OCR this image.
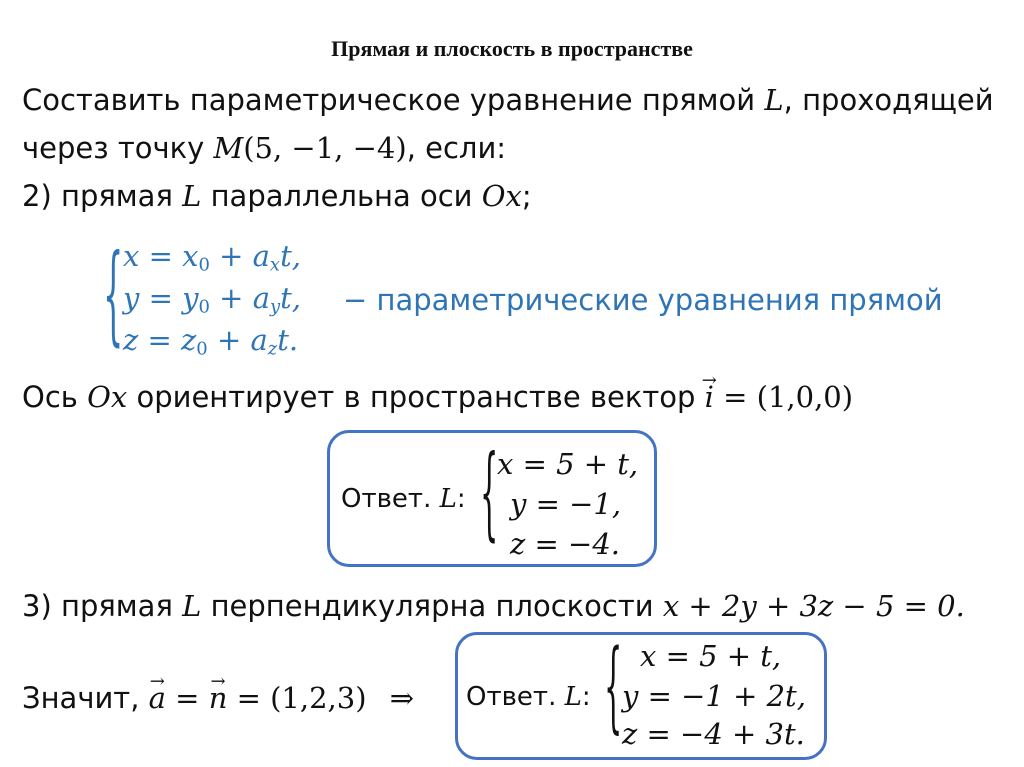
Прямая и плоскость в пространстве
Составить параметрическое уравнение прямой L, проходящей
через точку M(5, −1, −4), если:
2) прямая L параллельна оси Ox;
{ $x = x_0 + a_xt$,
$y = y_0 + a_yt$,
$z = z_0 + a_zt$.
− параметрические уравнения прямой
Ось Ox ориентирует в пространстве вектор → i = (1,0,0)
Ответ. L: {
x = 5 + t,
y = −1,
z = −4.
3) прямая L перпендикулярна плоскости x + 2y + 3z − 5 = 0.
Значит, → a = → n = (1,2,3) ⇒ Ответ. L: { x = 5 + t,
y = −1 + 2t,
z = −4 + 3t.
